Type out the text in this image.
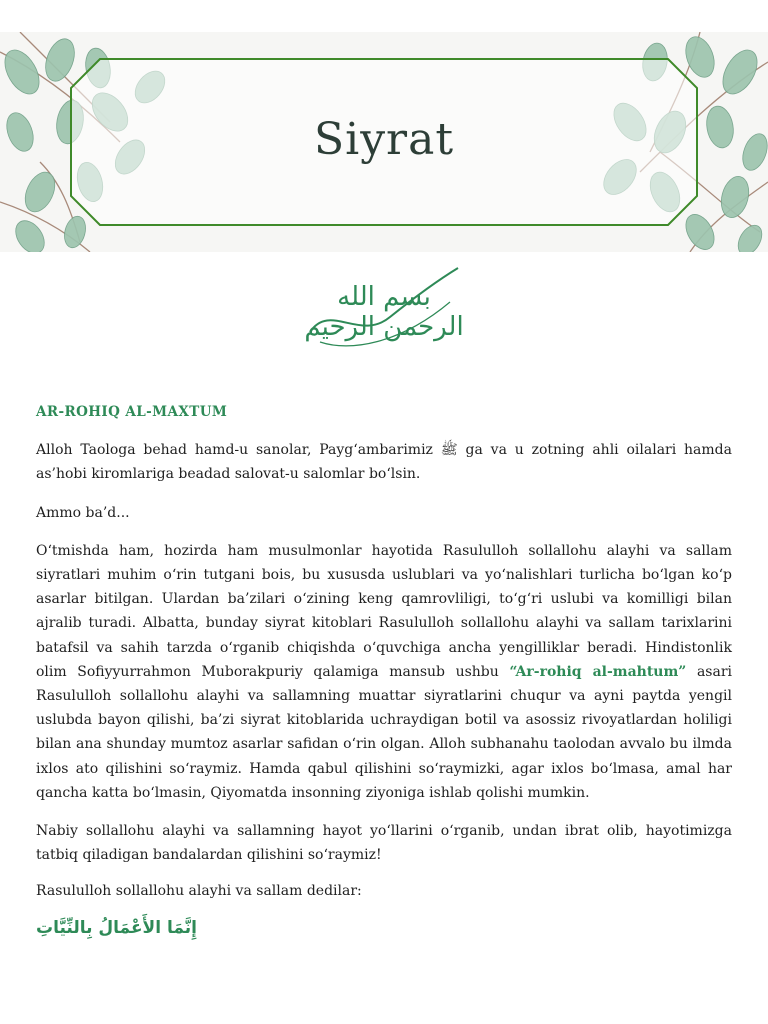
Siyrat
بسم الله الرحمن الرحيم
AR-ROHIQ AL-MAXTUM
Alloh Taologa behad hamd-u sanolar, Payg‘ambarimiz ﷺ ga va u zotning ahli oilalari hamda as’hobi kiromlariga beadad salovat-u salomlar bo‘lsin.
Ammo ba’d...
O‘tmishda ham, hozirda ham musulmonlar hayotida Rasululloh sollallohu alayhi va sallam siyratlari muhim o‘rin tutgani bois, bu xususda uslublari va yo‘nalishlari turlicha bo‘lgan ko‘p asarlar bitilgan. Ulardan ba’zilari o‘zining keng qamrovliligi, to‘g‘ri uslubi va komilligi bilan ajralib turadi. Albatta, bunday siyrat kitoblari Rasululloh sollallohu alayhi va sallam tarixlarini batafsil va sahih tarzda o‘rganib chiqishda o‘quvchiga ancha yengilliklar beradi. Hindistonlik olim Sofiyyurrahmon Muborakpuriy qalamiga mansub ushbu “Ar-rohiq al-mahtum” asari Rasululloh sollallohu alayhi va sallamning muattar siyratlarini chuqur va ayni paytda yengil uslubda bayon qilishi, ba’zi siyrat kitoblarida uchraydigan botil va asossiz rivoyatlardan holiligi bilan ana shunday mumtoz asarlar safidan o‘rin olgan. Alloh subhanahu taolodan avvalo bu ilmda ixlos ato qilishini so‘raymiz. Hamda qabul qilishini so‘raymizki, agar ixlos bo‘lmasa, amal har qancha katta bo‘lmasin, Qiyomatda insonning ziyoniga ishlab qolishi mumkin.
Nabiy sollallohu alayhi va sallamning hayot yo‘llarini o‘rganib, undan ibrat olib, hayotimizga tatbiq qiladigan bandalardan qilishini so‘raymiz!
Rasululloh sollallohu alayhi va sallam dedilar:
إِنَّمَا الأَعْمَالُ بِالنِّيَّاتِ
